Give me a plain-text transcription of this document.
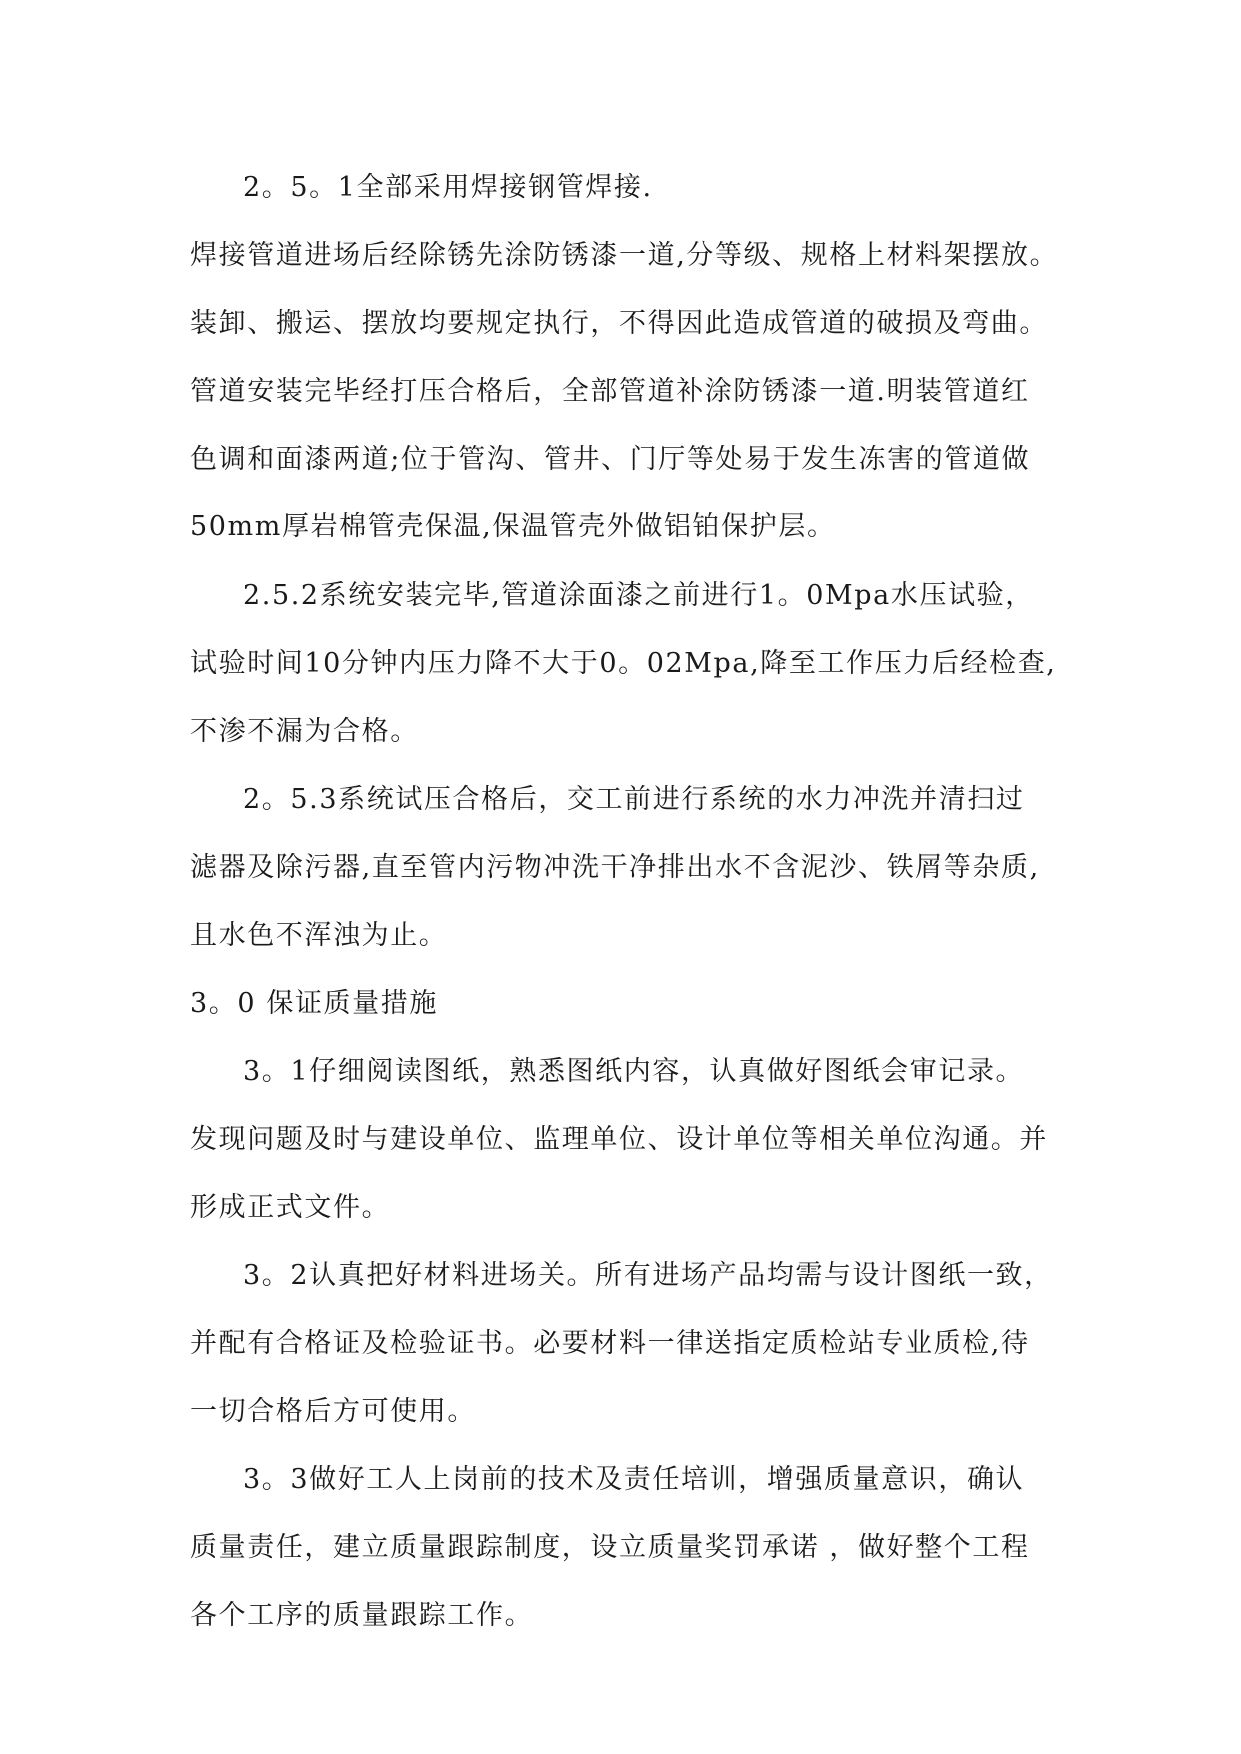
2。5。1全部采用焊接钢管焊接.
焊接管道进场后经除锈先涂防锈漆一道,分等级、规格上材料架摆放。
装卸、搬运、摆放均要规定执行，不得因此造成管道的破损及弯曲。
管道安装完毕经打压合格后，全部管道补涂防锈漆一道.明装管道红
色调和面漆两道;位于管沟、管井、门厅等处易于发生冻害的管道做
50mm厚岩棉管壳保温,保温管壳外做铝铂保护层。
2.5.2系统安装完毕,管道涂面漆之前进行1。0Mpa水压试验，
试验时间10分钟内压力降不大于0。02Mpa,降至工作压力后经检查,
不渗不漏为合格。
2。5.3系统试压合格后，交工前进行系统的水力冲洗并清扫过
滤器及除污器,直至管内污物冲洗干净排出水不含泥沙、铁屑等杂质,
且水色不浑浊为止。
3。0 保证质量措施
3。1仔细阅读图纸，熟悉图纸内容，认真做好图纸会审记录。
发现问题及时与建设单位、监理单位、设计单位等相关单位沟通。并
形成正式文件。
3。2认真把好材料进场关。所有进场产品均需与设计图纸一致，
并配有合格证及检验证书。必要材料一律送指定质检站专业质检,待
一切合格后方可使用。
3。3做好工人上岗前的技术及责任培训，增强质量意识，确认
质量责任，建立质量跟踪制度，设立质量奖罚承诺 ，做好整个工程
各个工序的质量跟踪工作。
